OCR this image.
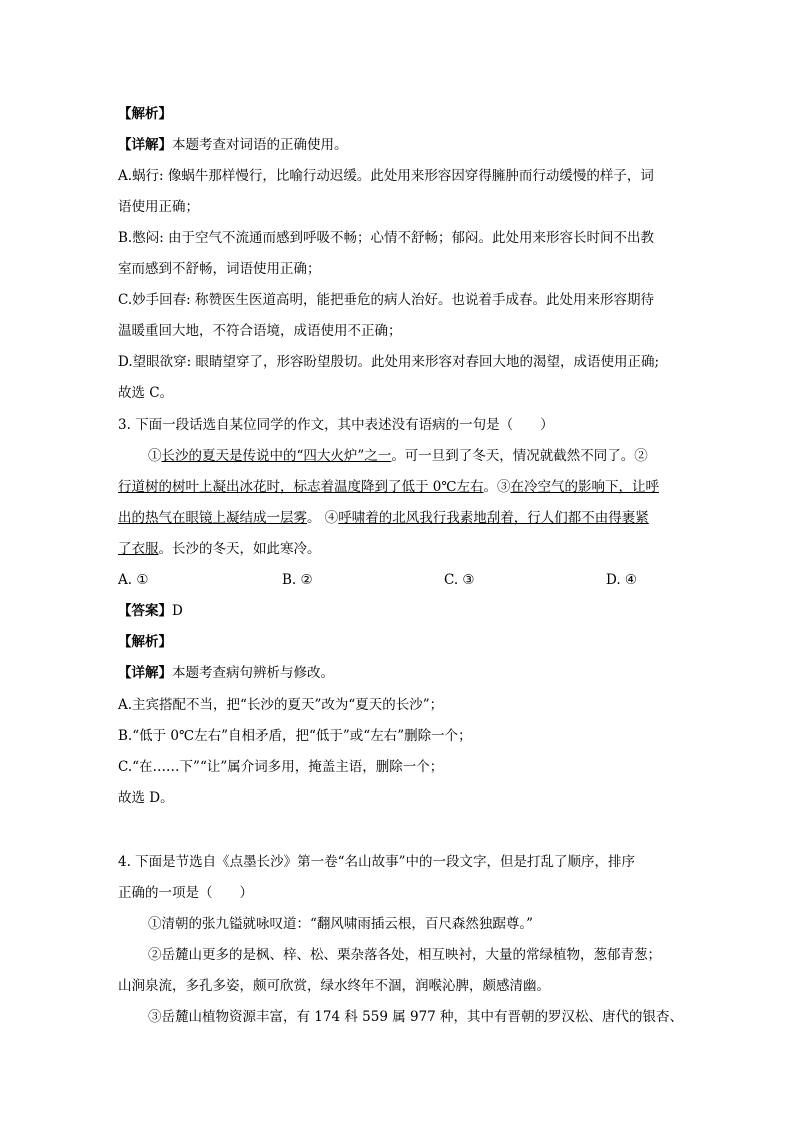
【解析】
【详解】本题考查对词语的正确使用。
A.蜗行: 像蜗牛那样慢行，比喻行动迟缓。此处用来形容因穿得臃肿而行动缓慢的样子，词
语使用正确；
B.憋闷: 由于空气不流通而感到呼吸不畅；心情不舒畅；郁闷。此处用来形容长时间不出教
室而感到不舒畅，词语使用正确；
C.妙手回春: 称赞医生医道高明，能把垂危的病人治好。也说着手成春。此处用来形容期待
温暖重回大地，不符合语境，成语使用不正确；
D.望眼欲穿: 眼睛望穿了，形容盼望殷切。此处用来形容对春回大地的渴望，成语使用正确;
故选 C。
3. 下面一段话选自某位同学的作文，其中表述没有语病的一句是（　　）
①长沙的夏天是传说中的“四大火炉”之一。可一旦到了冬天，情况就截然不同了。②
行道树的树叶上凝出冰花时，标志着温度降到了低于 0℃左右。③在冷空气的影响下，让呼
出的热气在眼镜上凝结成一层雾。 ④呼啸着的北风我行我素地刮着，行人们都不由得裹紧
了衣服。长沙的冬天，如此寒冷。
A. ①	B. ②	C. ③	D. ④
【答案】D
【解析】
【详解】本题考查病句辨析与修改。
A.主宾搭配不当，把“长沙的夏天”改为“夏天的长沙”；
B.“低于 0℃左右”自相矛盾，把“低于”或“左右”删除一个；
C.“在……下”“让”属介词多用，掩盖主语，删除一个；
故选 D。
4. 下面是节选自《点墨长沙》第一卷“名山故事”中的一段文字，但是打乱了顺序，排序
正确的一项是（　　）
①清朝的张九镒就咏叹道：“翻风啸雨插云根，百尺森然独踞尊。”
②岳麓山更多的是枫、梓、松、栗杂落各处，相互映衬，大量的常绿植物，葱郁青葱；
山涧泉流，多孔多姿，颇可欣赏，绿水终年不涸，润喉沁脾，颇感清幽。
③岳麓山植物资源丰富，有 174 科 559 属 977 种，其中有晋朝的罗汉松、唐代的银杏、
